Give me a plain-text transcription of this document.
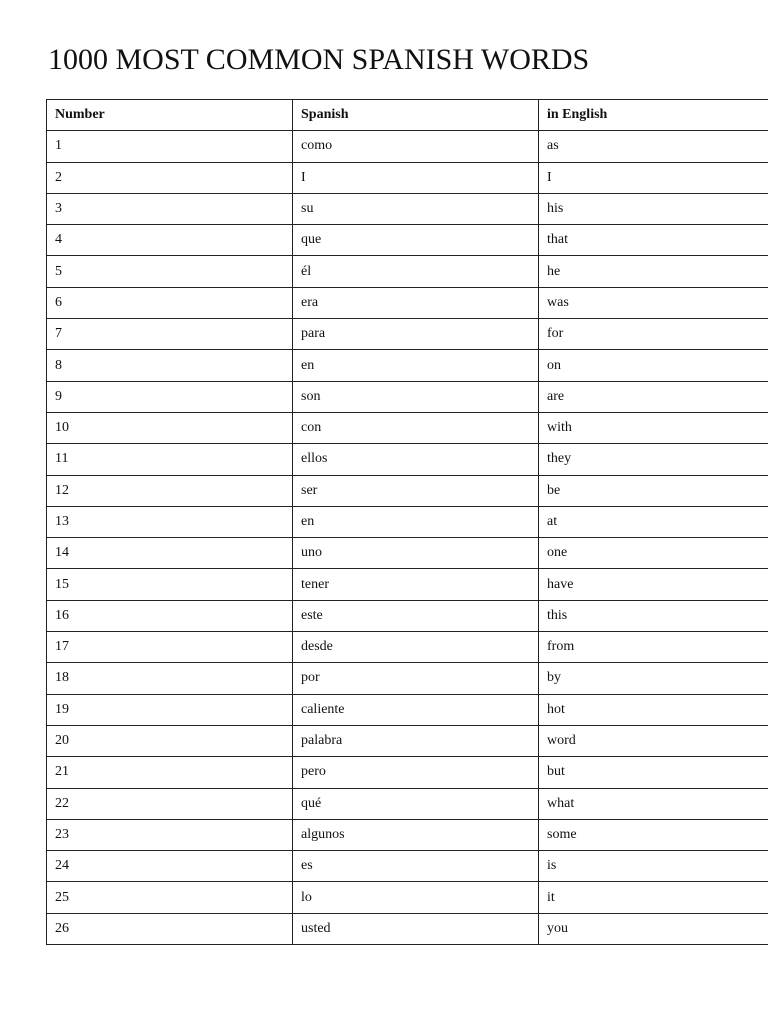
1000 MOST COMMON SPANISH WORDS
Number	Spanish	in English
1	como	as
2	I	I
3	su	his
4	que	that
5	él	he
6	era	was
7	para	for
8	en	on
9	son	are
10	con	with
11	ellos	they
12	ser	be
13	en	at
14	uno	one
15	tener	have
16	este	this
17	desde	from
18	por	by
19	caliente	hot
20	palabra	word
21	pero	but
22	qué	what
23	algunos	some
24	es	is
25	lo	it
26	usted	you
